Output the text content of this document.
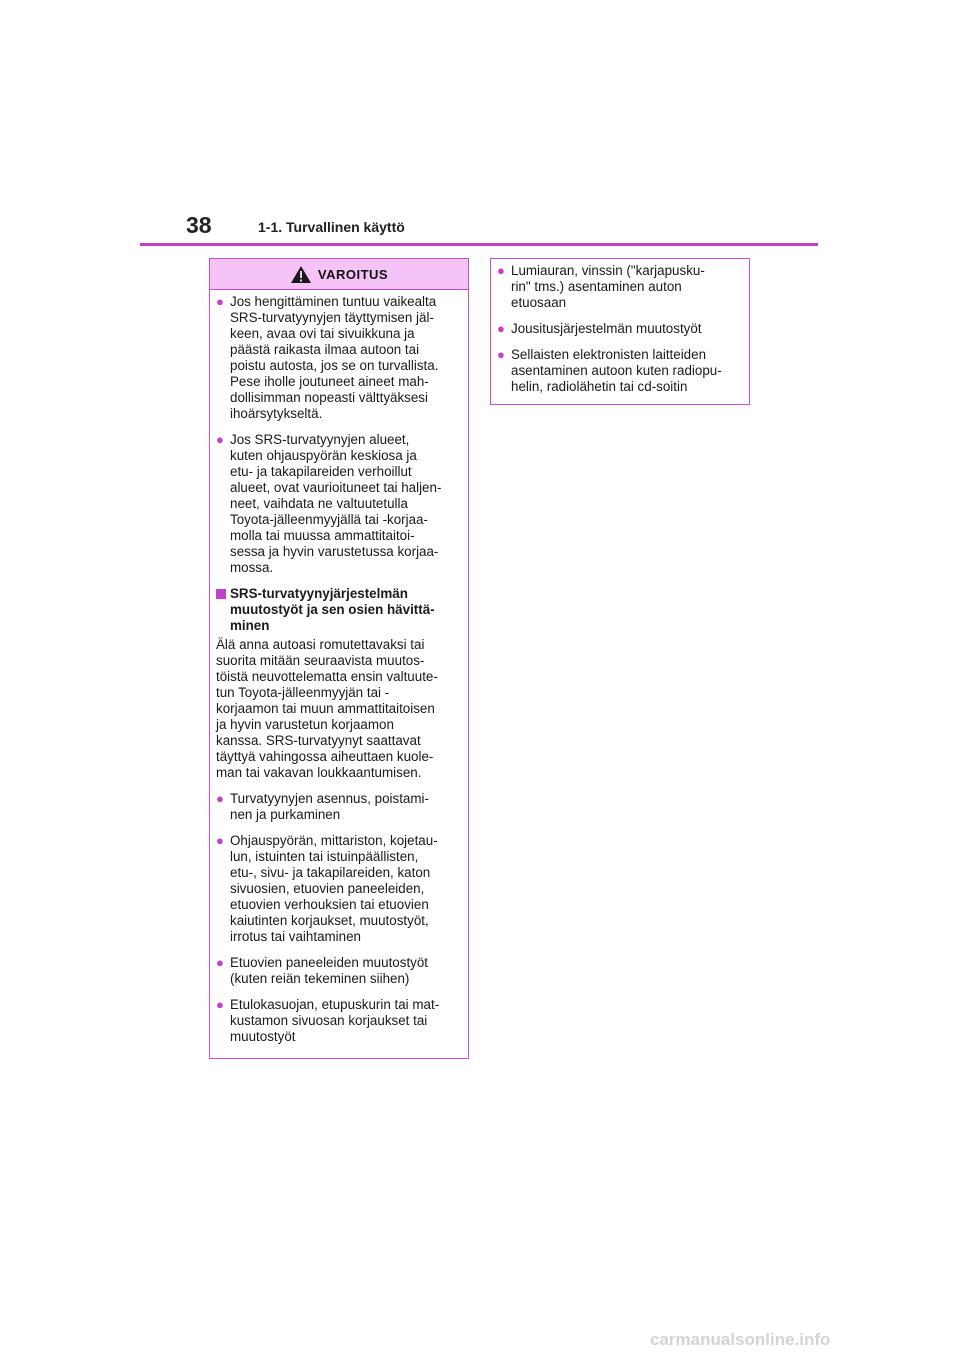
38	1-1. Turvallinen käyttö
VAROITUS
● Jos hengittäminen tuntuu vaikealta
SRS-turvatyynyjen täyttymisen jäl-
keen, avaa ovi tai sivuikkuna ja
päästä raikasta ilmaa autoon tai
poistu autosta, jos se on turvallista.
Pese iholle joutuneet aineet mah-
dollisimman nopeasti välttyäksesi
ihoärsytykseltä.
● Jos SRS-turvatyynyjen alueet,
kuten ohjauspyörän keskiosa ja
etu- ja takapilareiden verhoillut
alueet, ovat vaurioituneet tai haljen-
neet, vaihdata ne valtuutetulla
Toyota-jälleenmyyjällä tai -korjaa-
molla tai muussa ammattitaitoi-
sessa ja hyvin varustetussa korjaa-
mossa.
SRS-turvatyynyjärjestelmän
muutostyöt ja sen osien hävittä-
minen
Älä anna autoasi romutettavaksi tai
suorita mitään seuraavista muutos-
töistä neuvottelematta ensin valtuute-
tun Toyota-jälleenmyyjän tai -
korjaamon tai muun ammattitaitoisen
ja hyvin varustetun korjaamon
kanssa. SRS-turvatyynyt saattavat
täyttyä vahingossa aiheuttaen kuole-
man tai vakavan loukkaantumisen.
● Turvatyynyjen asennus, poistami-
nen ja purkaminen
● Ohjauspyörän, mittariston, kojetau-
lun, istuinten tai istuinpäällisten,
etu-, sivu- ja takapilareiden, katon
sivuosien, etuovien paneeleiden,
etuovien verhouksien tai etuovien
kaiutinten korjaukset, muutostyöt,
irrotus tai vaihtaminen
● Etuovien paneeleiden muutostyöt
(kuten reiän tekeminen siihen)
● Etulokasuojan, etupuskurin tai mat-
kustamon sivuosan korjaukset tai
muutostyöt
● Lumiauran, vinssin ("karjapusku-
rin" tms.) asentaminen auton
etuosaan
● Jousitusjärjestelmän muutostyöt
● Sellaisten elektronisten laitteiden
asentaminen autoon kuten radiopu-
helin, radiolähetin tai cd-soitin
carmanualsonline.info
